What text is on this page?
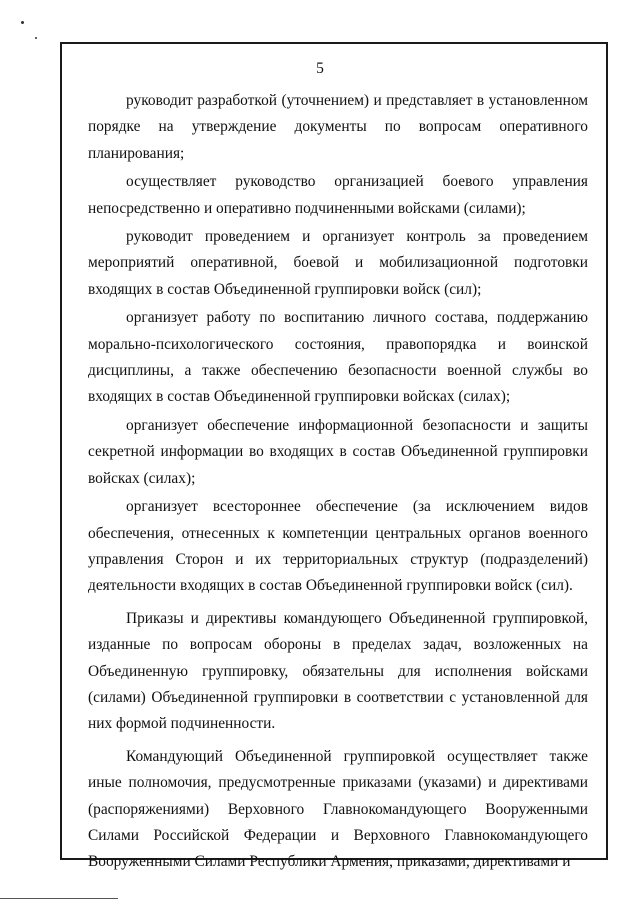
5

руководит разработкой (уточнением) и представляет в установленном порядке на утверждение документы по вопросам оперативного планирования;

осуществляет руководство организацией боевого управления непосредственно и оперативно подчиненными войсками (силами);

руководит проведением и организует контроль за проведением мероприятий оперативной, боевой и мобилизационной подготовки входящих в состав Объединенной группировки войск (сил);

организует работу по воспитанию личного состава, поддержанию морально-психологического состояния, правопорядка и воинской дисциплины, а также обеспечению безопасности военной службы во входящих в состав Объединенной группировки войсках (силах);

организует обеспечение информационной безопасности и защиты секретной информации во входящих в состав Объединенной группировки войсках (силах);

организует всестороннее обеспечение (за исключением видов обеспечения, отнесенных к компетенции центральных органов военного управления Сторон и их территориальных структур (подразделений) деятельности входящих в состав Объединенной группировки войск (сил).

Приказы и директивы командующего Объединенной группировкой, изданные по вопросам обороны в пределах задач, возложенных на Объединенную группировку, обязательны для исполнения войсками (силами) Объединенной группировки в соответствии с установленной для них формой подчиненности.

Командующий Объединенной группировкой осуществляет также иные полномочия, предусмотренные приказами (указами) и директивами (распоряжениями) Верховного Главнокомандующего Вооруженными Силами Российской Федерации и Верховного Главнокомандующего Вооруженными Силами Республики Армения, приказами, директивами и
